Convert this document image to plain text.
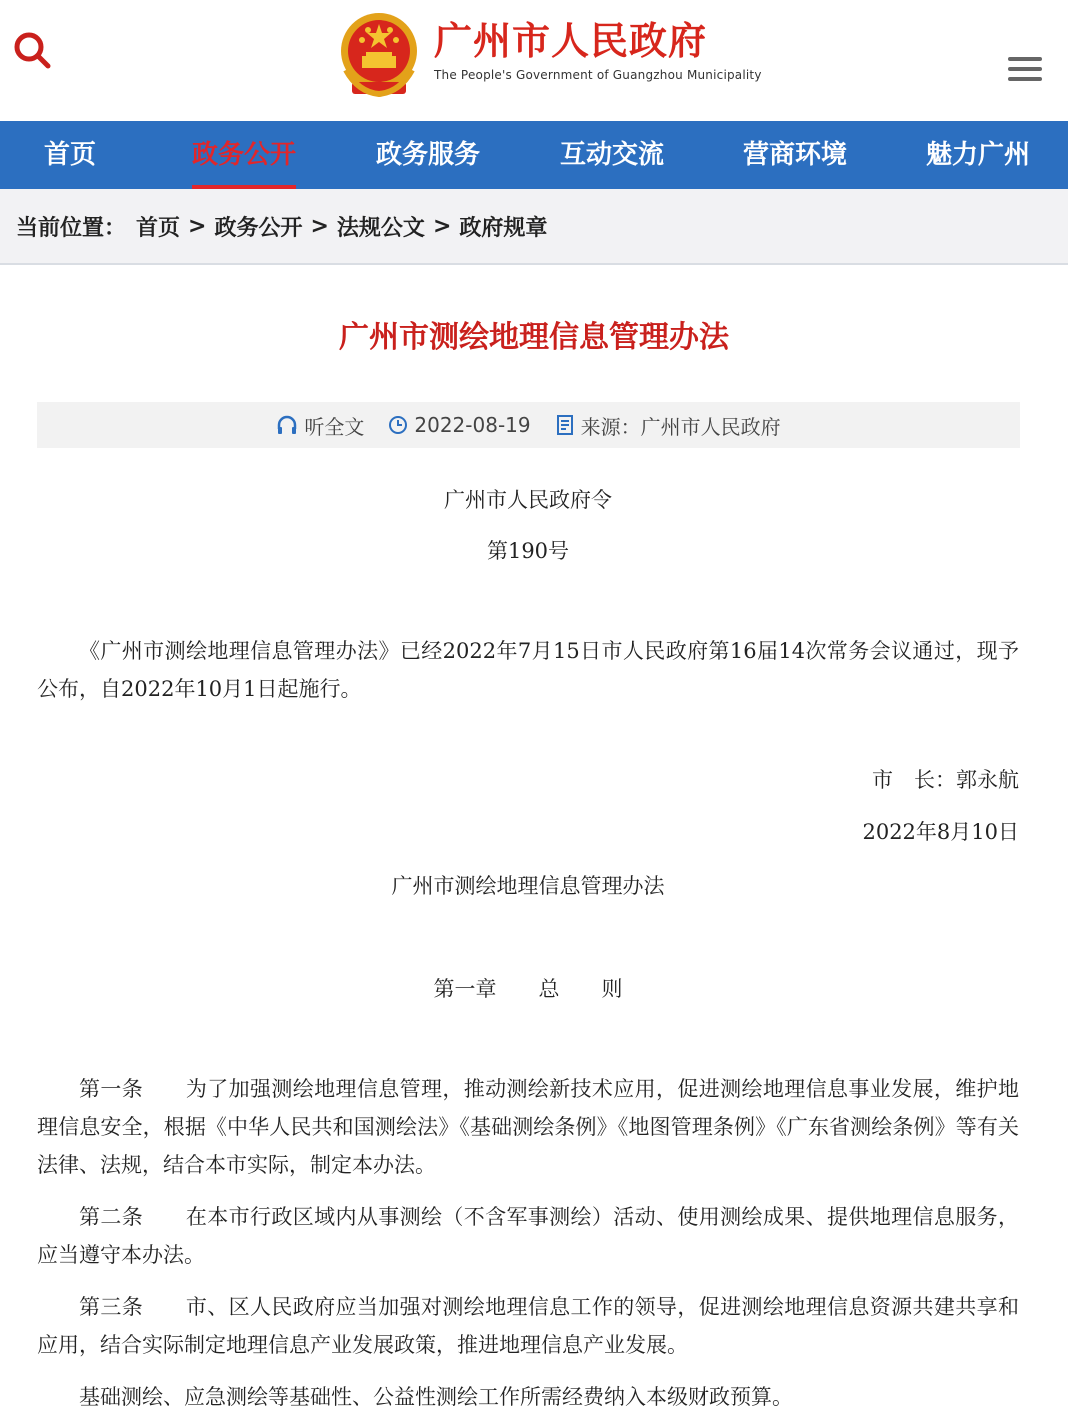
广州市人民政府
The People's Government of Guangzhou Municipality
首页	政务公开	政务服务	互动交流	营商环境	魅力广州
当前位置： 首页 > 政务公开 > 法规公文 > 政府规章
广州市测绘地理信息管理办法
听全文	2022-08-19	来源： 广州市人民政府
广州市人民政府令
第190号
《广州市测绘地理信息管理办法》已经2022年7月15日市人民政府第16届14次常务会议通过，现予公布，自2022年10月1日起施行。
市　长：郭永航
2022年8月10日
广州市测绘地理信息管理办法
第一章　　总　　则
第一条　　为了加强测绘地理信息管理，推动测绘新技术应用，促进测绘地理信息事业发展，维护地理信息安全，根据《中华人民共和国测绘法》《基础测绘条例》《地图管理条例》《广东省测绘条例》等有关法律、法规，结合本市实际，制定本办法。
第二条　　在本市行政区域内从事测绘（不含军事测绘）活动、使用测绘成果、提供地理信息服务，应当遵守本办法。
第三条　　市、区人民政府应当加强对测绘地理信息工作的领导，促进测绘地理信息资源共建共享和应用，结合实际制定地理信息产业发展政策，推进地理信息产业发展。
基础测绘、应急测绘等基础性、公益性测绘工作所需经费纳入本级财政预算。
